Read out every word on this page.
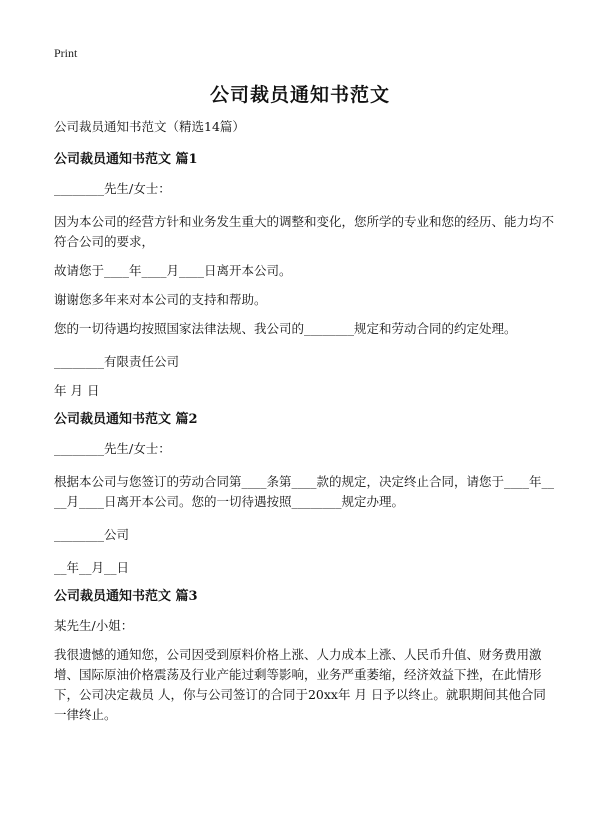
Print
公司裁员通知书范文

公司裁员通知书范文（精选14篇）

公司裁员通知书范文 篇1

________先生/女士：

因为本公司的经营方针和业务发生重大的调整和变化，您所学的专业和您的经历、能力均不符合公司的要求，

故请您于____年____月____日离开本公司。

谢谢您多年来对本公司的支持和帮助。

您的一切待遇均按照国家法律法规、我公司的________规定和劳动合同的约定处理。

________有限责任公司

年 月 日

公司裁员通知书范文 篇2

________先生/女士：

根据本公司与您签订的劳动合同第____条第____款的规定，决定终止合同，请您于____年____月____日离开本公司。您的一切待遇按照________规定办理。

________公司

__年__月__日

公司裁员通知书范文 篇3

某先生/小姐：

我很遗憾的通知您，公司因受到原料价格上涨、人力成本上涨、人民币升值、财务费用激增、国际原油价格震荡及行业产能过剩等影响，业务严重萎缩，经济效益下挫，在此情形下，公司决定裁员 人，你与公司签订的合同于20xx年 月 日予以终止。就职期间其他合同一律终止。
